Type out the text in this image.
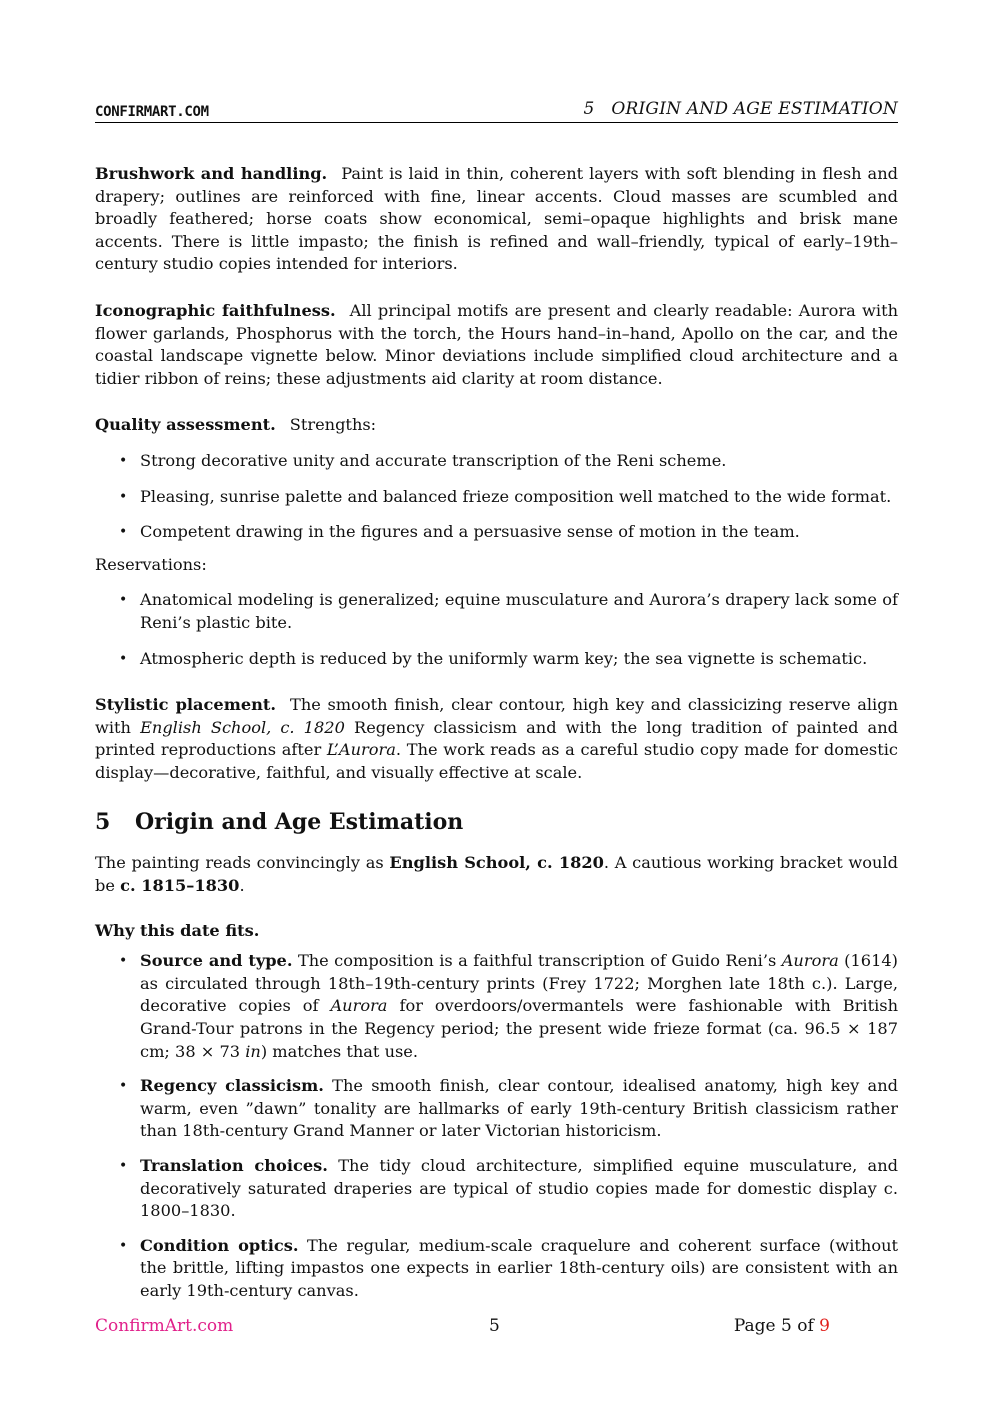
CONFIRMART.COM	5   ORIGIN AND AGE ESTIMATION

Brushwork and handling. Paint is laid in thin, coherent layers with soft blending in flesh and drapery; outlines are reinforced with fine, linear accents. Cloud masses are scumbled and broadly feathered; horse coats show economical, semi–opaque highlights and brisk mane accents. There is little impasto; the finish is refined and wall–friendly, typical of early–19th–century studio copies intended for interiors.

Iconographic faithfulness. All principal motifs are present and clearly readable: Aurora with flower garlands, Phosphorus with the torch, the Hours hand–in–hand, Apollo on the car, and the coastal landscape vignette below. Minor deviations include simplified cloud architecture and a tidier ribbon of reins; these adjustments aid clarity at room distance.

Quality assessment. Strengths:

• Strong decorative unity and accurate transcription of the Reni scheme.
• Pleasing, sunrise palette and balanced frieze composition well matched to the wide format.
• Competent drawing in the figures and a persuasive sense of motion in the team.

Reservations:

• Anatomical modeling is generalized; equine musculature and Aurora’s drapery lack some of Reni’s plastic bite.
• Atmospheric depth is reduced by the uniformly warm key; the sea vignette is schematic.

Stylistic placement. The smooth finish, clear contour, high key and classicizing reserve align with English School, c. 1820 Regency classicism and with the long tradition of painted and printed reproductions after L’Aurora. The work reads as a careful studio copy made for domestic display—decorative, faithful, and visually effective at scale.

5 Origin and Age Estimation

The painting reads convincingly as English School, c. 1820. A cautious working bracket would be c. 1815–1830.

Why this date fits.

• Source and type. The composition is a faithful transcription of Guido Reni’s Aurora (1614) as circulated through 18th–19th-century prints (Frey 1722; Morghen late 18th c.). Large, decorative copies of Aurora for overdoors/overmantels were fashionable with British Grand-Tour patrons in the Regency period; the present wide frieze format (ca. 96.5 × 187 cm; 38 × 73 in) matches that use.
• Regency classicism. The smooth finish, clear contour, idealised anatomy, high key and warm, even ”dawn” tonality are hallmarks of early 19th-century British classicism rather than 18th-century Grand Manner or later Victorian historicism.
• Translation choices. The tidy cloud architecture, simplified equine musculature, and decoratively saturated draperies are typical of studio copies made for domestic display c. 1800–1830.
• Condition optics. The regular, medium-scale craquelure and coherent surface (without the brittle, lifting impastos one expects in earlier 18th-century oils) are consistent with an early 19th-century canvas.
ConfirmArt.com	5	Page 5 of 9
